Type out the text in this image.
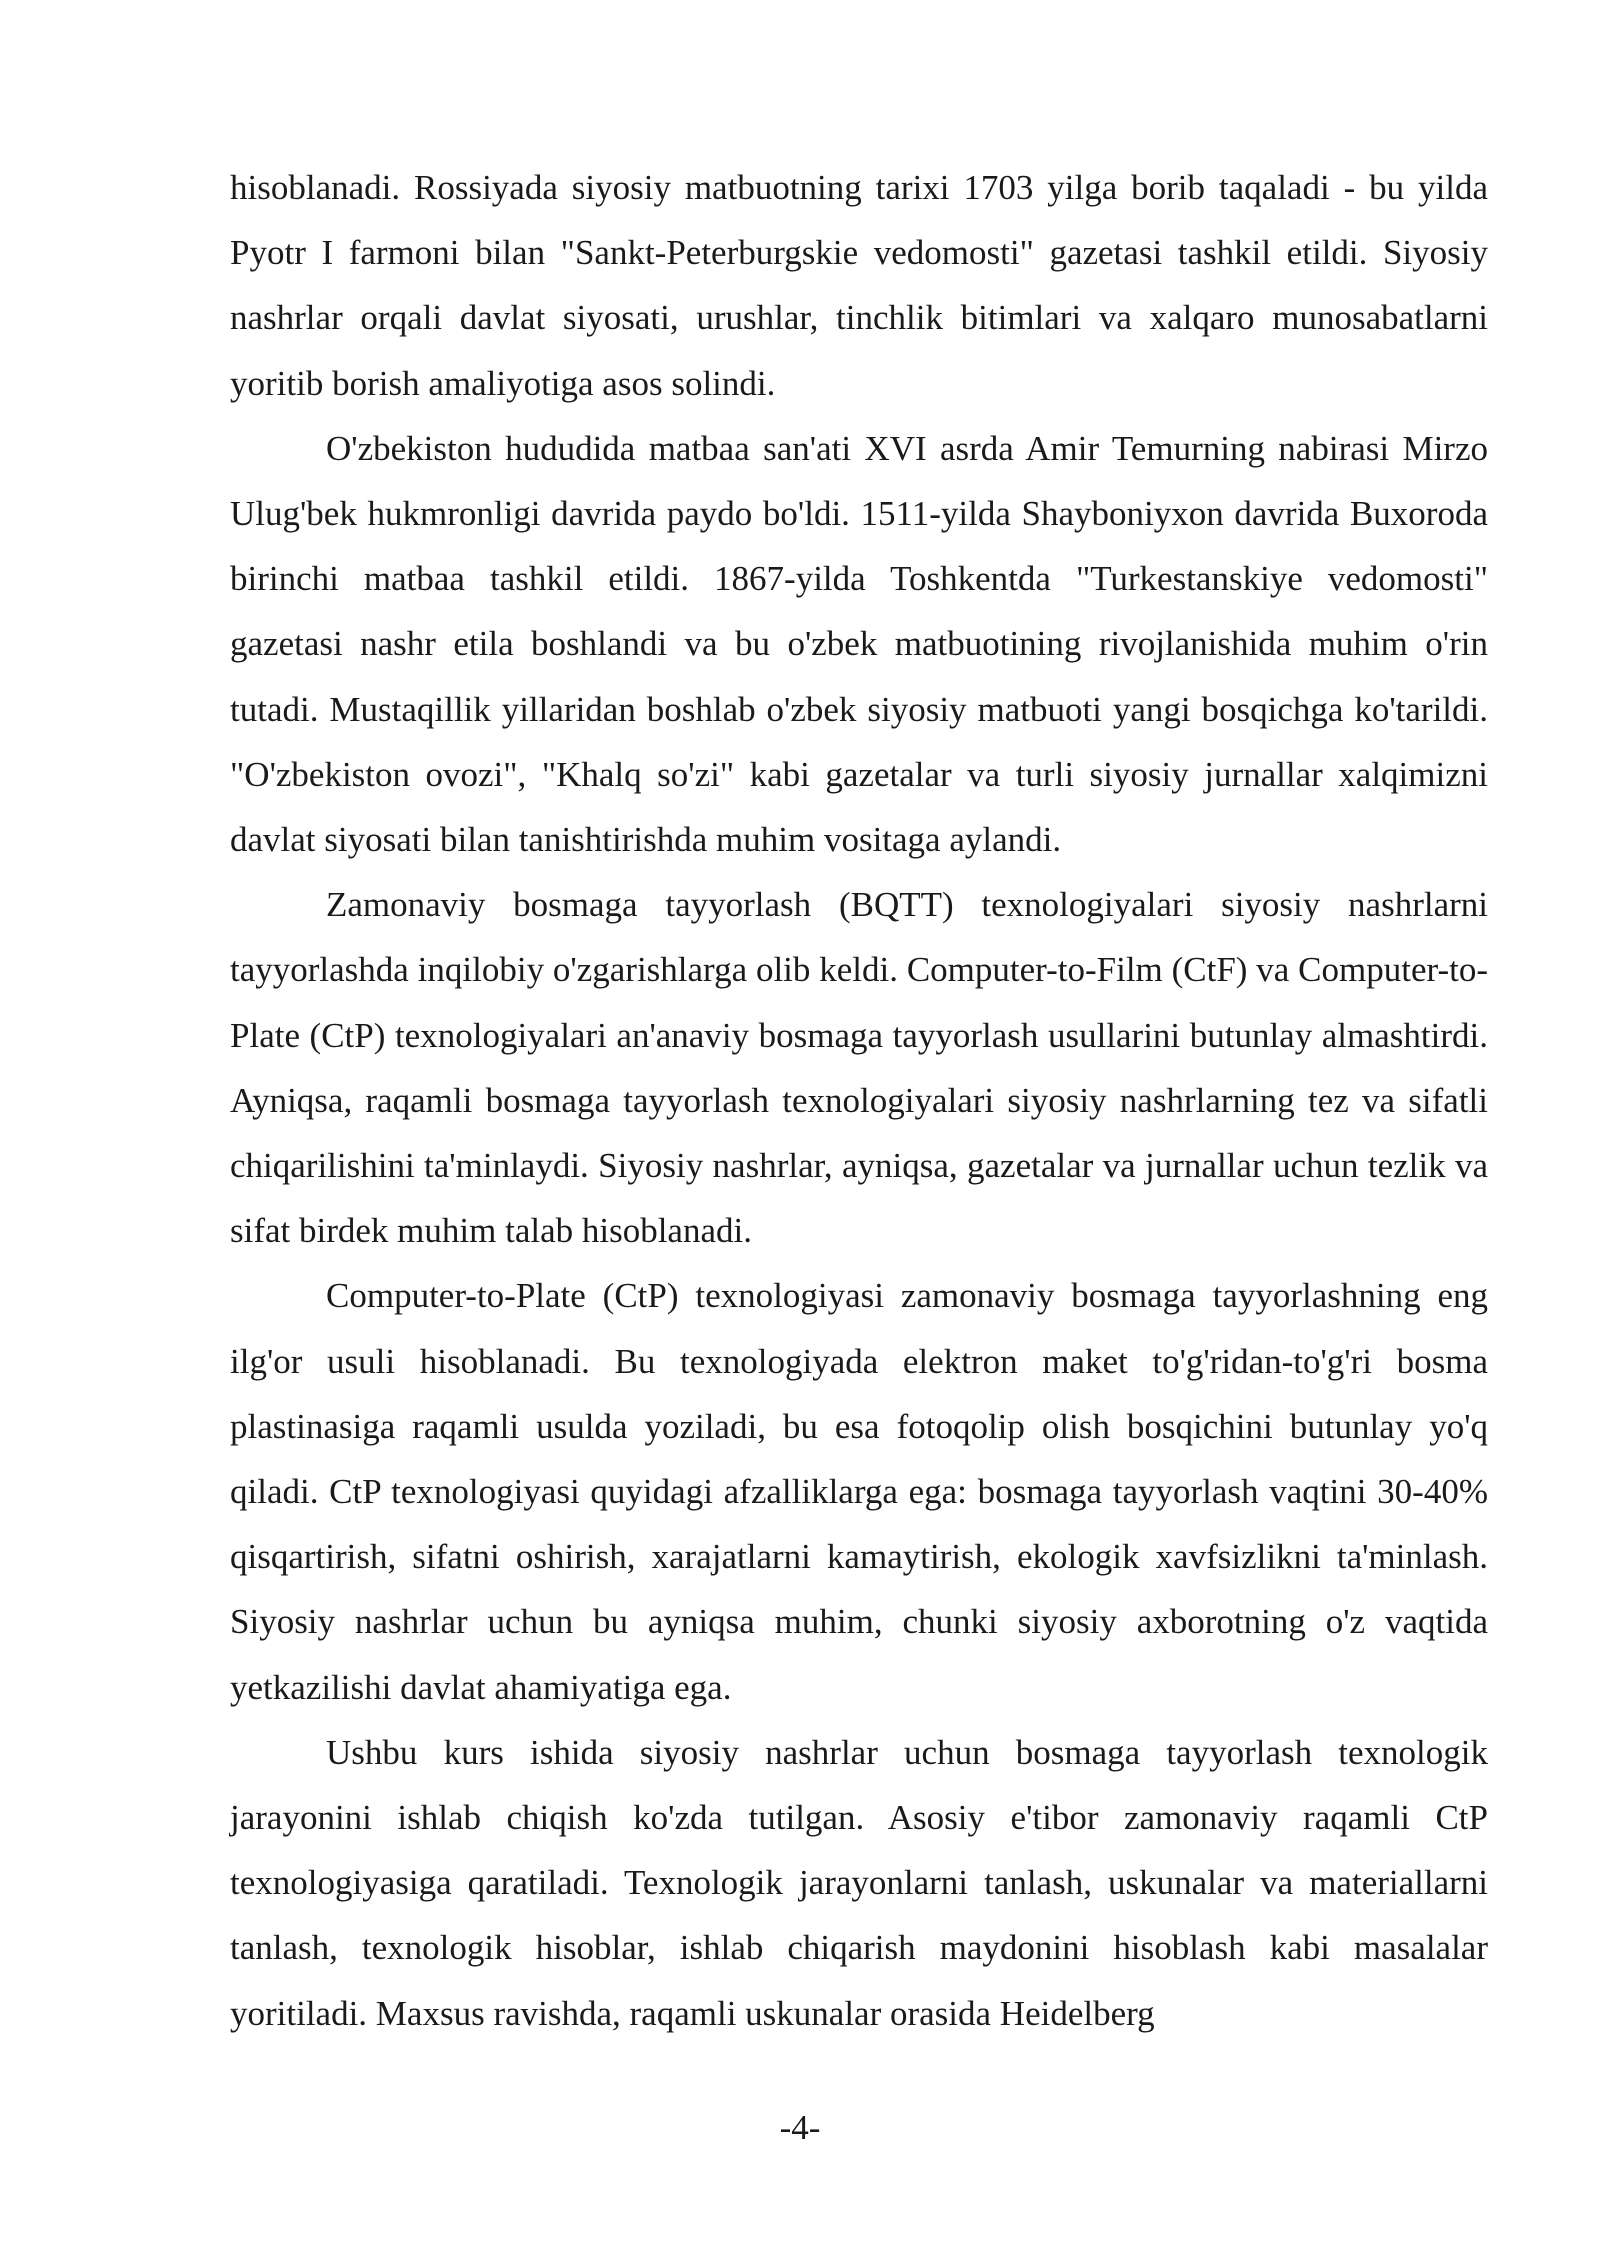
hisoblanadi. Rossiyada siyosiy matbuotning tarixi 1703 yilga borib taqaladi - bu yilda Pyotr I farmoni bilan "Sankt-Peterburgskie vedomosti" gazetasi tashkil etildi. Siyosiy nashrlar orqali davlat siyosati, urushlar, tinchlik bitimlari va xalqaro munosabatlarni yoritib borish amaliyotiga asos solindi.

O'zbekiston hududida matbaa san'ati XVI asrda Amir Temurning nabirasi Mirzo Ulug'bek hukmronligi davrida paydo bo'ldi. 1511-yilda Shayboniyxon davrida Buxoroda birinchi matbaa tashkil etildi. 1867-yilda Toshkentda "Turkestanskiye vedomosti" gazetasi nashr etila boshlandi va bu o'zbek matbuotining rivojlanishida muhim o'rin tutadi. Mustaqillik yillaridan boshlab o'zbek siyosiy matbuoti yangi bosqichga ko'tarildi. "O'zbekiston ovozi", "Khalq so'zi" kabi gazetalar va turli siyosiy jurnallar xalqimizni davlat siyosati bilan tanishtirishda muhim vositaga aylandi.

Zamonaviy bosmaga tayyorlash (BQTT) texnologiyalari siyosiy nashrlarni tayyorlashda inqilobiy o'zgarishlarga olib keldi. Computer-to-Film (CtF) va Computer-to-Plate (CtP) texnologiyalari an'anaviy bosmaga tayyorlash usullarini butunlay almashtirdi. Ayniqsa, raqamli bosmaga tayyorlash texnologiyalari siyosiy nashrlarning tez va sifatli chiqarilishini ta'minlaydi. Siyosiy nashrlar, ayniqsa, gazetalar va jurnallar uchun tezlik va sifat birdek muhim talab hisoblanadi.

Computer-to-Plate (CtP) texnologiyasi zamonaviy bosmaga tayyorlashning eng ilg'or usuli hisoblanadi. Bu texnologiyada elektron maket to'g'ridan-to'g'ri bosma plastinasiga raqamli usulda yoziladi, bu esa fotoqolip olish bosqichini butunlay yo'q qiladi. CtP texnologiyasi quyidagi afzalliklarga ega: bosmaga tayyorlash vaqtini 30-40% qisqartirish, sifatni oshirish, xarajatlarni kamaytirish, ekologik xavfsizlikni ta'minlash. Siyosiy nashrlar uchun bu ayniqsa muhim, chunki siyosiy axborotning o'z vaqtida yetkazilishi davlat ahamiyatiga ega.

Ushbu kurs ishida siyosiy nashrlar uchun bosmaga tayyorlash texnologik jarayonini ishlab chiqish ko'zda tutilgan. Asosiy e'tibor zamonaviy raqamli CtP texnologiyasiga qaratiladi. Texnologik jarayonlarni tanlash, uskunalar va materiallarni tanlash, texnologik hisoblar, ishlab chiqarish maydonini hisoblash kabi masalalar yoritiladi. Maxsus ravishda, raqamli uskunalar orasida Heidelberg

-4-
